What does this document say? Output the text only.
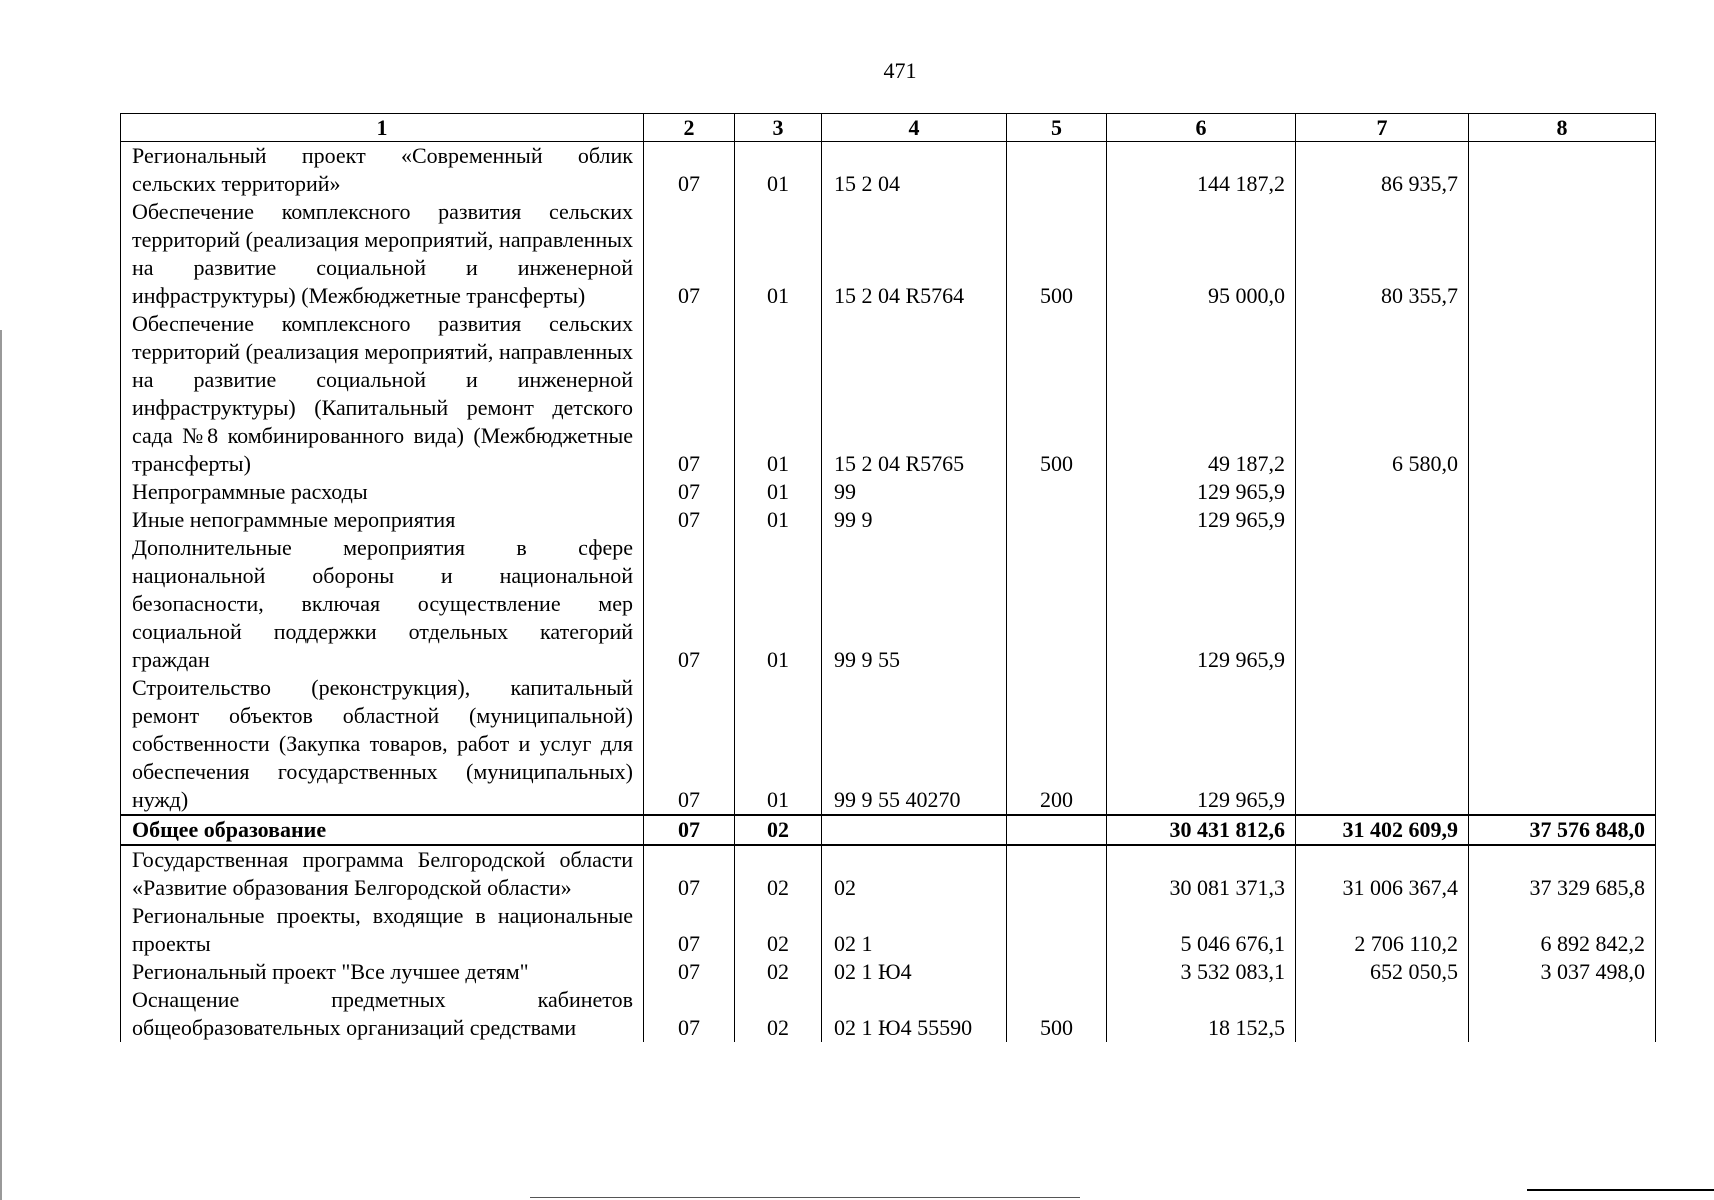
471
1	2	3	4	5	6	7	8
Региональный проект «Современный облик сельских территорий»	07	01	15 2 04		144 187,2	86 935,7	
Обеспечение комплексного развития сельских территорий (реализация мероприятий, направленных на развитие социальной и инженерной инфраструктуры) (Межбюджетные трансферты)	07	01	15 2 04 R5764	500	95 000,0	80 355,7	
Обеспечение комплексного развития сельских территорий (реализация мероприятий, направленных на развитие социальной и инженерной инфраструктуры) (Капитальный ремонт детского сада №8 комбинированного вида) (Межбюджетные трансферты)	07	01	15 2 04 R5765	500	49 187,2	6 580,0	
Непрограммные расходы	07	01	99		129 965,9		
Иные непограммные мероприятия	07	01	99 9		129 965,9		
Дополнительные мероприятия в сфере национальной обороны и национальной безопасности, включая осуществление мер социальной поддержки отдельных категорий граждан	07	01	99 9 55		129 965,9		
Строительство (реконструкция), капитальный ремонт объектов областной (муниципальной) собственности (Закупка товаров, работ и услуг для обеспечения государственных (муниципальных) нужд)	07	01	99 9 55 40270	200	129 965,9		
Общее образование	07	02			30 431 812,6	31 402 609,9	37 576 848,0
Государственная программа Белгородской области «Развитие образования Белгородской области»	07	02	02		30 081 371,3	31 006 367,4	37 329 685,8
Региональные проекты, входящие в национальные проекты	07	02	02 1		5 046 676,1	2 706 110,2	6 892 842,2
Региональный проект "Все лучшее детям"	07	02	02 1 Ю4		3 532 083,1	652 050,5	3 037 498,0
Оснащение предметных кабинетов общеобразовательных организаций средствами	07	02	02 1 Ю4 55590	500	18 152,5		
